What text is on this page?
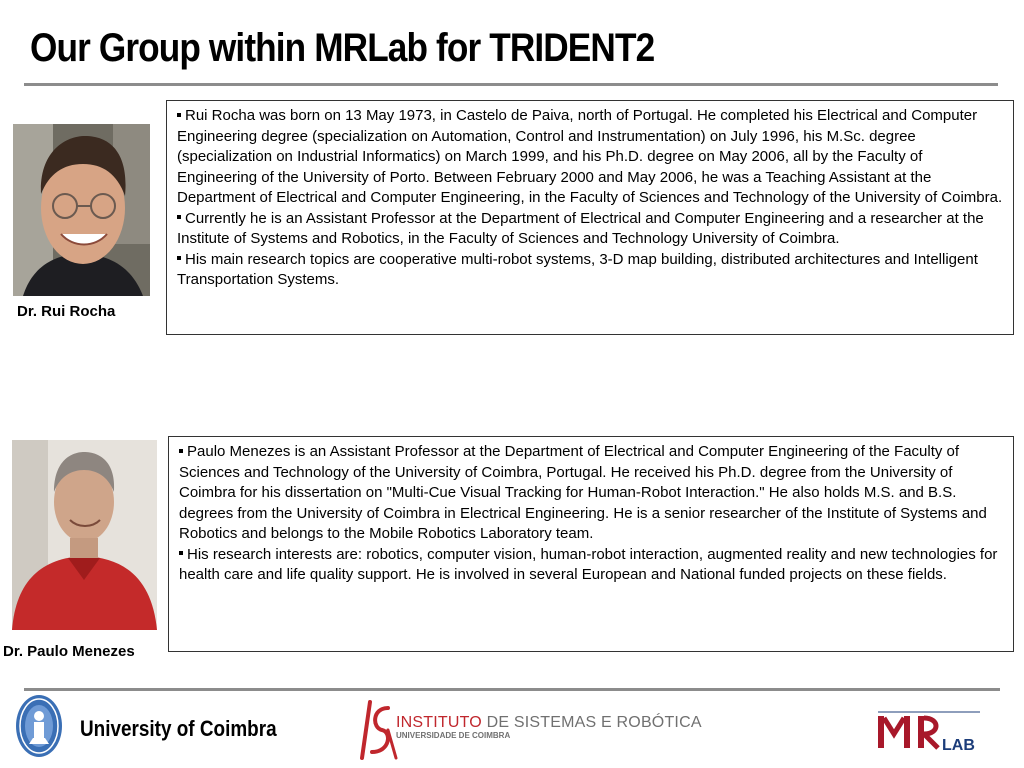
Our Group within MRLab for TRIDENT2
Dr. Rui Rocha

Rui Rocha was born on 13 May 1973, in Castelo de Paiva, north of Portugal. He completed his Electrical and Computer Engineering degree (specialization on Automation, Control and Instrumentation) on July 1996, his M.Sc. degree (specialization on Industrial Informatics) on March 1999, and his Ph.D. degree on May 2006, all by the Faculty of Engineering of the University of Porto. Between February 2000 and May 2006, he was a Teaching Assistant at the Department of Electrical and Computer Engineering, in the Faculty of Sciences and Technology of the University of Coimbra.

Currently he is an Assistant Professor at the Department of Electrical and Computer Engineering and a researcher at the Institute of Systems and Robotics, in the Faculty of Sciences and Technology University of Coimbra.

His main research topics are cooperative multi-robot systems, 3-D map building, distributed architectures and Intelligent Transportation Systems.

Dr. Paulo Menezes

Paulo Menezes is an Assistant Professor at the Department of Electrical and Computer Engineering of the Faculty of Sciences and Technology of the University of Coimbra, Portugal. He received his Ph.D. degree from the University of Coimbra for his dissertation on "Multi-Cue Visual Tracking for Human-Robot Interaction." He also holds M.S. and B.S. degrees from the University of Coimbra in Electrical Engineering. He is a senior researcher of the Institute of Systems and Robotics and belongs to the Mobile Robotics Laboratory team.

His research interests are: robotics, computer vision, human-robot interaction, augmented reality and new technologies for health care and life quality support. He is involved in several European and National funded projects on these fields.

University of Coimbra	INSTITUTO DE SISTEMAS E ROBÓTICA
UNIVERSIDADE DE COIMBRA
LAB
